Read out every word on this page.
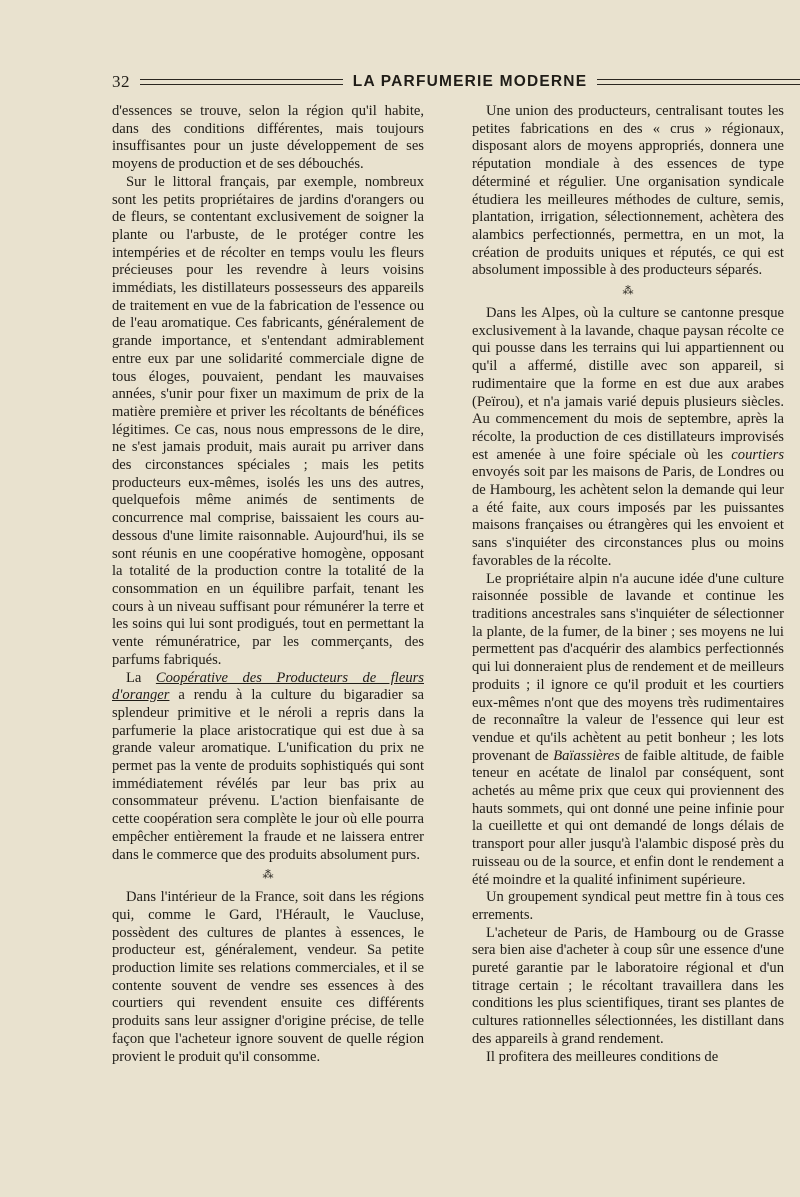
32	LA PARFUMERIE MODERNE

d'essences se trouve, selon la région qu'il habite, dans des conditions différentes, mais toujours insuffisantes pour un juste développement de ses moyens de production et de ses débouchés.

Sur le littoral français, par exemple, nombreux sont les petits propriétaires de jardins d'orangers ou de fleurs, se contentant exclusivement de soigner la plante ou l'arbuste, de le protéger contre les intempéries et de récolter en temps voulu les fleurs précieuses pour les revendre à leurs voisins immédiats, les distillateurs possesseurs des appareils de traitement en vue de la fabrication de l'essence ou de l'eau aromatique. Ces fabricants, généralement de grande importance, et s'entendant admirablement entre eux par une solidarité commerciale digne de tous éloges, pouvaient, pendant les mauvaises années, s'unir pour fixer un maximum de prix de la matière première et priver les récoltants de bénéfices légitimes. Ce cas, nous nous empressons de le dire, ne s'est jamais produit, mais aurait pu arriver dans des circonstances spéciales ; mais les petits producteurs eux-mêmes, isolés les uns des autres, quelquefois même animés de sentiments de concurrence mal comprise, baissaient les cours au-dessous d'une limite raisonnable. Aujourd'hui, ils se sont réunis en une coopérative homogène, opposant la totalité de la production contre la totalité de la consommation en un équilibre parfait, tenant les cours à un niveau suffisant pour rémunérer la terre et les soins qui lui sont prodigués, tout en permettant la vente rémunératrice, par les commerçants, des parfums fabriqués.

La Coopérative des Producteurs de fleurs d'oranger a rendu à la culture du bigaradier sa splendeur primitive et le néroli a repris dans la parfumerie la place aristocratique qui est due à sa grande valeur aromatique. L'unification du prix ne permet pas la vente de produits sophistiqués qui sont immédiatement révélés par leur bas prix au consommateur prévenu. L'action bienfaisante de cette coopération sera complète le jour où elle pourra empêcher entièrement la fraude et ne laissera entrer dans le commerce que des produits absolument purs.

⁂

Dans l'intérieur de la France, soit dans les régions qui, comme le Gard, l'Hérault, le Vaucluse, possèdent des cultures de plantes à essences, le producteur est, généralement, vendeur. Sa petite production limite ses relations commerciales, et il se contente souvent de vendre ses essences à des courtiers qui revendent ensuite ces différents produits sans leur assigner d'origine précise, de telle façon que l'acheteur ignore souvent de quelle région provient le produit qu'il consomme.

Une union des producteurs, centralisant toutes les petites fabrications en des « crus » régionaux, disposant alors de moyens appropriés, donnera une réputation mondiale à des essences de type déterminé et régulier. Une organisation syndicale étudiera les meilleures méthodes de culture, semis, plantation, irrigation, sélectionnement, achètera des alambics perfectionnés, permettra, en un mot, la création de produits uniques et réputés, ce qui est absolument impossible à des producteurs séparés.

⁂

Dans les Alpes, où la culture se cantonne presque exclusivement à la lavande, chaque paysan récolte ce qui pousse dans les terrains qui lui appartiennent ou qu'il a affermé, distille avec son appareil, si rudimentaire que la forme en est due aux arabes (Peïrou), et n'a jamais varié depuis plusieurs siècles. Au commencement du mois de septembre, après la récolte, la production de ces distillateurs improvisés est amenée à une foire spéciale où les courtiers envoyés soit par les maisons de Paris, de Londres ou de Hambourg, les achètent selon la demande qui leur a été faite, aux cours imposés par les puissantes maisons françaises ou étrangères qui les envoient et sans s'inquiéter des circonstances plus ou moins favorables de la récolte.

Le propriétaire alpin n'a aucune idée d'une culture raisonnée possible de lavande et continue les traditions ancestrales sans s'inquiéter de sélectionner la plante, de la fumer, de la biner ; ses moyens ne lui permettent pas d'acquérir des alambics perfectionnés qui lui donneraient plus de rendement et de meilleurs produits ; il ignore ce qu'il produit et les courtiers eux-mêmes n'ont que des moyens très rudimentaires de reconnaître la valeur de l'essence qui leur est vendue et qu'ils achètent au petit bonheur ; les lots provenant de Baïassières de faible altitude, de faible teneur en acétate de linalol par conséquent, sont achetés au même prix que ceux qui proviennent des hauts sommets, qui ont donné une peine infinie pour la cueillette et qui ont demandé de longs délais de transport pour aller jusqu'à l'alambic disposé près du ruisseau ou de la source, et enfin dont le rendement a été moindre et la qualité infiniment supérieure.

Un groupement syndical peut mettre fin à tous ces errements.

L'acheteur de Paris, de Hambourg ou de Grasse sera bien aise d'acheter à coup sûr une essence d'une pureté garantie par le laboratoire régional et d'un titrage certain ; le récoltant travaillera dans les conditions les plus scientifiques, tirant ses plantes de cultures rationnelles sélectionnées, les distillant dans des appareils à grand rendement.

Il profitera des meilleures conditions de
